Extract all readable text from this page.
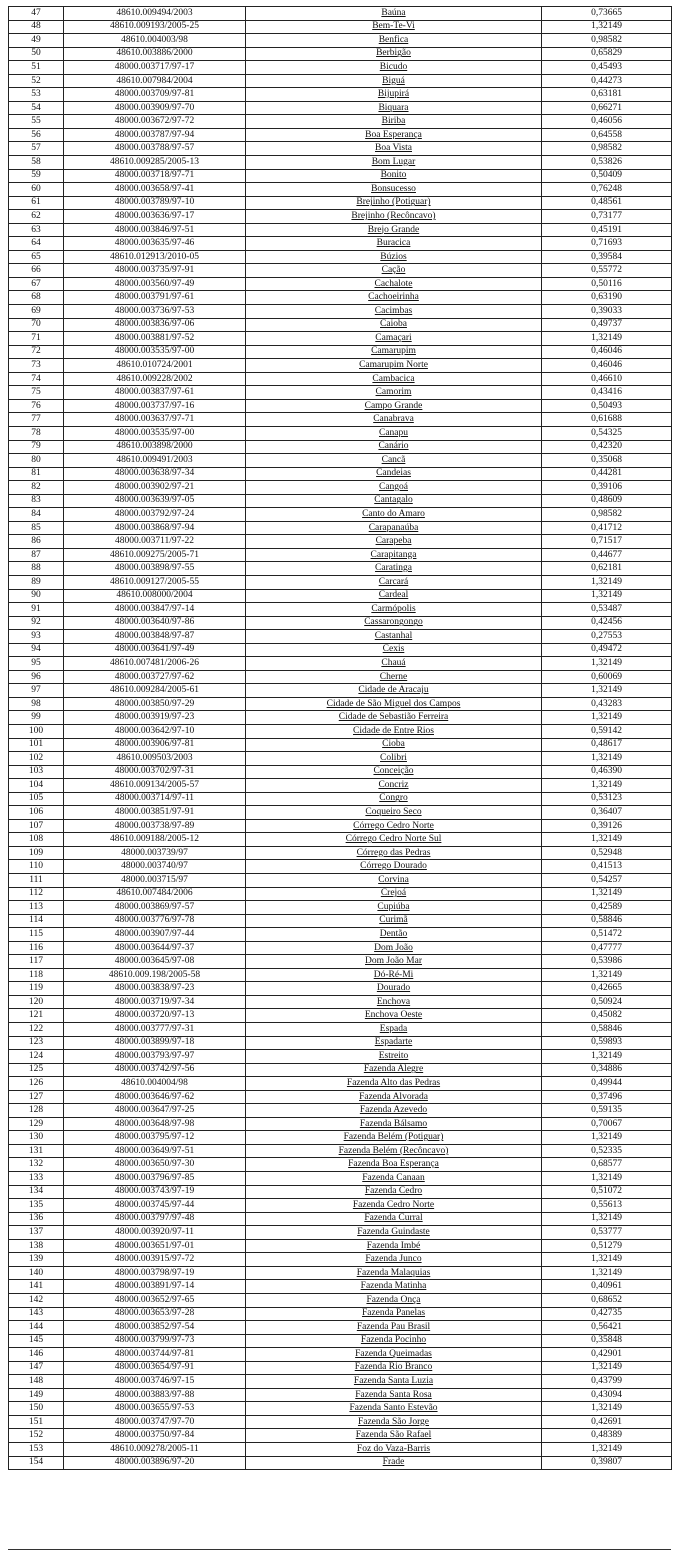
47	48610.009494/2003	Baúna	0,73665
48	48610.009193/2005-25	Bem-Te-Vi	1,32149
49	48610.004003/98	Benfica	0,98582
50	48610.003886/2000	Berbigão	0,65829
51	48000.003717/97-17	Bicudo	0,45493
52	48610.007984/2004	Biguá	0,44273
53	48000.003709/97-81	Bijupirá	0,63181
54	48000.003909/97-70	Biquara	0,66271
55	48000.003672/97-72	Biriba	0,46056
56	48000.003787/97-94	Boa Esperança	0,64558
57	48000.003788/97-57	Boa Vista	0,98582
58	48610.009285/2005-13	Bom Lugar	0,53826
59	48000.003718/97-71	Bonito	0,50409
60	48000.003658/97-41	Bonsucesso	0,76248
61	48000.003789/97-10	Brejinho (Potiguar)	0,48561
62	48000.003636/97-17	Brejinho (Recôncavo)	0,73177
63	48000.003846/97-51	Brejo Grande	0,45191
64	48000.003635/97-46	Buracica	0,71693
65	48610.012913/2010-05	Búzios	0,39584
66	48000.003735/97-91	Cação	0,55772
67	48000.003560/97-49	Cachalote	0,50116
68	48000.003791/97-61	Cachoeirinha	0,63190
69	48000.003736/97-53	Cacimbas	0,39033
70	48000.003836/97-06	Caioba	0,49737
71	48000.003881/97-52	Camaçari	1,32149
72	48000.003535/97-00	Camarupim	0,46046
73	48610.010724/2001	Camarupim Norte	0,46046
74	48610.009228/2002	Cambacica	0,46610
75	48000.003837/97-61	Camorim	0,43416
76	48000.003737/97-16	Campo Grande	0,50493
77	48000.003637/97-71	Canabrava	0,61688
78	48000.003535/97-00	Canapu	0,54325
79	48610.003898/2000	Canário	0,42320
80	48610.009491/2003	Cancã	0,35068
81	48000.003638/97-34	Candeias	0,44281
82	48000.003902/97-21	Cangoá	0,39106
83	48000.003639/97-05	Cantagalo	0,48609
84	48000.003792/97-24	Canto do Amaro	0,98582
85	48000.003868/97-94	Carapanaúba	0,41712
86	48000.003711/97-22	Carapeba	0,71517
87	48610.009275/2005-71	Carapitanga	0,44677
88	48000.003898/97-55	Caratinga	0,62181
89	48610.009127/2005-55	Carcará	1,32149
90	48610.008000/2004	Cardeal	1,32149
91	48000.003847/97-14	Carmópolis	0,53487
92	48000.003640/97-86	Cassarongongo	0,42456
93	48000.003848/97-87	Castanhal	0,27553
94	48000.003641/97-49	Cexis	0,49472
95	48610.007481/2006-26	Chauá	1,32149
96	48000.003727/97-62	Cherne	0,60069
97	48610.009284/2005-61	Cidade de Aracaju	1,32149
98	48000.003850/97-29	Cidade de São Miguel dos Campos	0,43283
99	48000.003919/97-23	Cidade de Sebastião Ferreira	1,32149
100	48000.003642/97-10	Cidade de Entre Rios	0,59142
101	48000.003906/97-81	Cioba	0,48617
102	48610.009503/2003	Colibri	1,32149
103	48000.003702/97-31	Conceição	0,46390
104	48610.009134/2005-57	Concriz	1,32149
105	48000.003714/97-11	Congro	0,53123
106	48000.003851/97-91	Coqueiro Seco	0,36407
107	48000.003738/97-89	Córrego Cedro Norte	0,39126
108	48610.009188/2005-12	Córrego Cedro Norte Sul	1,32149
109	48000.003739/97	Córrego das Pedras	0,52948
110	48000.003740/97	Córrego Dourado	0,41513
111	48000.003715/97	Corvina	0,54257
112	48610.007484/2006	Crejoá	1,32149
113	48000.003869/97-57	Cupiúba	0,42589
114	48000.003776/97-78	Curimã	0,58846
115	48000.003907/97-44	Dentão	0,51472
116	48000.003644/97-37	Dom João	0,47777
117	48000.003645/97-08	Dom João Mar	0,53986
118	48610.009.198/2005-58	Dó-Ré-Mi	1,32149
119	48000.003838/97-23	Dourado	0,42665
120	48000.003719/97-34	Enchova	0,50924
121	48000.003720/97-13	Enchova Oeste	0,45082
122	48000.003777/97-31	Espada	0,58846
123	48000.003899/97-18	Espadarte	0,59893
124	48000.003793/97-97	Estreito	1,32149
125	48000.003742/97-56	Fazenda Alegre	0,34886
126	48610.004004/98	Fazenda Alto das Pedras	0,49944
127	48000.003646/97-62	Fazenda Alvorada	0,37496
128	48000.003647/97-25	Fazenda Azevedo	0,59135
129	48000.003648/97-98	Fazenda Bálsamo	0,70067
130	48000.003795/97-12	Fazenda Belém (Potiguar)	1,32149
131	48000.003649/97-51	Fazenda Belém (Recôncavo)	0,52335
132	48000.003650/97-30	Fazenda Boa Esperança	0,68577
133	48000.003796/97-85	Fazenda Canaan	1,32149
134	48000.003743/97-19	Fazenda Cedro	0,51072
135	48000.003745/97-44	Fazenda Cedro Norte	0,55613
136	48000.003797/97-48	Fazenda Curral	1,32149
137	48000.003920/97-11	Fazenda Guindaste	0,53777
138	48000.003651/97-01	Fazenda Imbé	0,51279
139	48000.003915/97-72	Fazenda Junco	1,32149
140	48000.003798/97-19	Fazenda Malaquias	1,32149
141	48000.003891/97-14	Fazenda Matinha	0,40961
142	48000.003652/97-65	Fazenda Onça	0,68652
143	48000.003653/97-28	Fazenda Panelas	0,42735
144	48000.003852/97-54	Fazenda Pau Brasil	0,56421
145	48000.003799/97-73	Fazenda Pocinho	0,35848
146	48000.003744/97-81	Fazenda Queimadas	0,42901
147	48000.003654/97-91	Fazenda Rio Branco	1,32149
148	48000.003746/97-15	Fazenda Santa Luzia	0,43799
149	48000.003883/97-88	Fazenda Santa Rosa	0,43094
150	48000.003655/97-53	Fazenda Santo Estevão	1,32149
151	48000.003747/97-70	Fazenda São Jorge	0,42691
152	48000.003750/97-84	Fazenda São Rafael	0,48389
153	48610.009278/2005-11	Foz do Vaza-Barris	1,32149
154	48000.003896/97-20	Frade	0,39807
